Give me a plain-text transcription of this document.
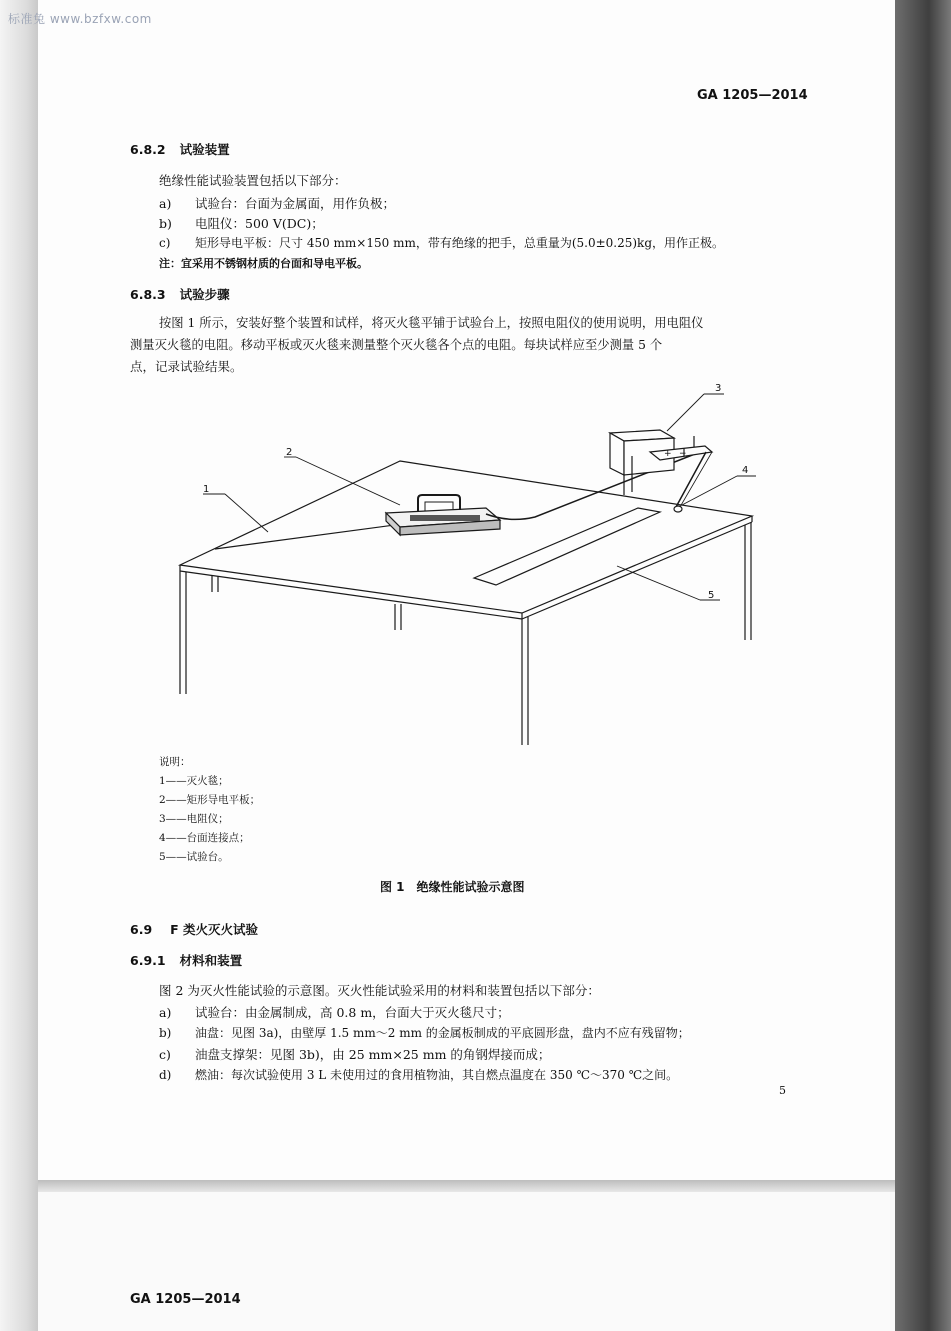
标准兔 www.bzfxw.com
GA 1205—2014
6.8.2 试验装置
绝缘性能试验装置包括以下部分：
a) 试验台：台面为金属面，用作负极；
b) 电阻仪：500 V(DC)；
c) 矩形导电平板：尺寸 450 mm×150 mm，带有绝缘的把手，总重量为(5.0±0.25)kg，用作正极。
注：宜采用不锈钢材质的台面和导电平板。
6.8.3 试验步骤
按图 1 所示，安装好整个装置和试样，将灭火毯平铺于试验台上，按照电阻仪的使用说明，用电阻仪
测量灭火毯的电阻。移动平板或灭火毯来测量整个灭火毯各个点的电阻。每块试样应至少测量 5 个
点，记录试验结果。
1
2
3
4
5
+ −
说明：
1——灭火毯；
2——矩形导电平板；
3——电阻仪；
4——台面连接点；
5——试验台。
图 1　绝缘性能试验示意图
6.9 F 类火灭火试验
6.9.1 材料和装置
图 2 为灭火性能试验的示意图。灭火性能试验采用的材料和装置包括以下部分：
a) 试验台：由金属制成，高 0.8 m，台面大于灭火毯尺寸；
b) 油盘：见图 3a)，由壁厚 1.5 mm～2 mm 的金属板制成的平底圆形盘，盘内不应有残留物；
c) 油盘支撑架：见图 3b)，由 25 mm×25 mm 的角钢焊接而成；
d) 燃油：每次试验使用 3 L 未使用过的食用植物油，其自燃点温度在 350 ℃～370 ℃之间。
5
GA 1205—2014
